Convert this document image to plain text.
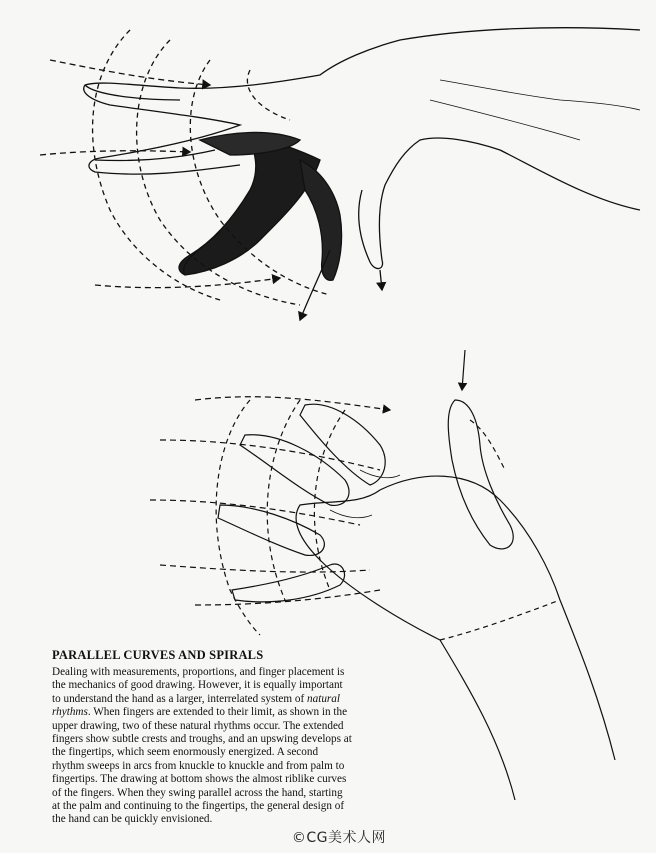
PARALLEL CURVES AND SPIRALS

Dealing with measurements, proportions, and finger placement is the mechanics of good drawing. However, it is equally important to understand the hand as a larger, interrelated system of natural rhythms. When fingers are extended to their limit, as shown in the upper drawing, two of these natural rhythms occur. The extended fingers show subtle crests and troughs, and an upswing develops at the fingertips, which seem enormously energized. A second rhythm sweeps in arcs from knuckle to knuckle and from palm to fingertips. The drawing at bottom shows the almost riblike curves of the fingers. When they swing parallel across the hand, starting at the palm and continuing to the fingertips, the general design of the hand can be quickly envisioned.

©CG美术人网
